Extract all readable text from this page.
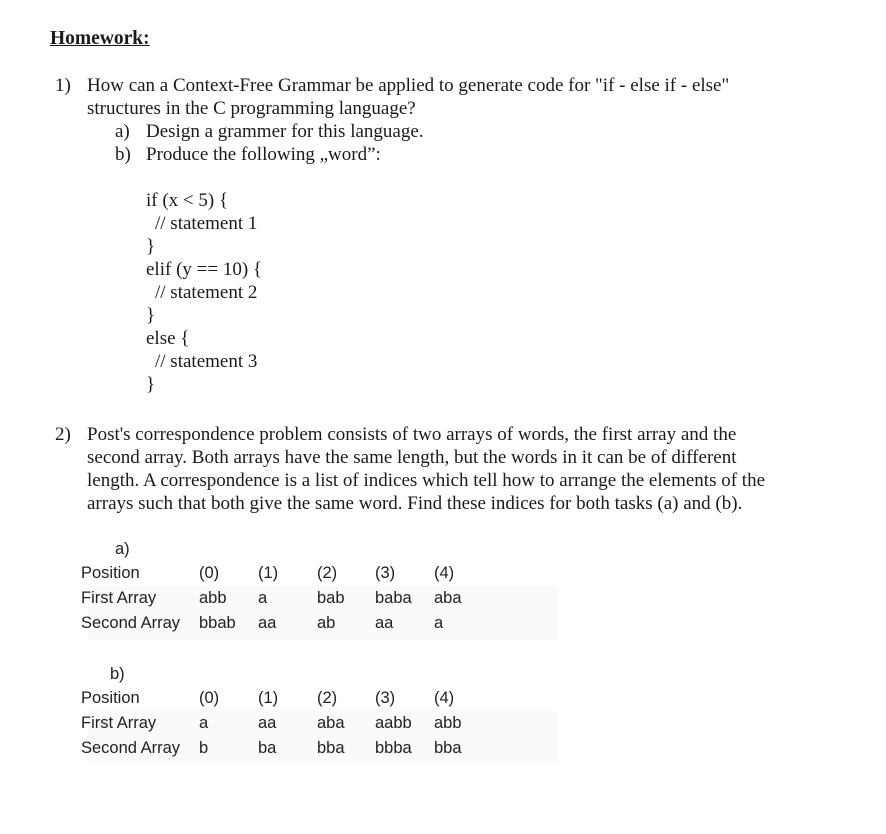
Homework:
1) How can a Context-Free Grammar be applied to generate code for "if - else if - else"
structures in the C programming language?
a) Design a grammer for this language.
b) Produce the following „word”:
if (x < 5) {
// statement 1
}
elif (y == 10) {
// statement 2
}
else {
// statement 3
}
2) Post's correspondence problem consists of two arrays of words, the first array and the
second array. Both arrays have the same length, but the words in it can be of different
length. A correspondence is a list of indices which tell how to arrange the elements of the
arrays such that both give the same word. Find these indices for both tasks (a) and (b).
a)
Position	(0)	(1)	(2)	(3)	(4)
First Array	abb	a	bab	baba	aba
Second Array	bbab	aa	ab	aa	a
b)
Position	(0)	(1)	(2)	(3)	(4)
First Array	a	aa	aba	aabb	abb
Second Array	b	ba	bba	bbba	bba
